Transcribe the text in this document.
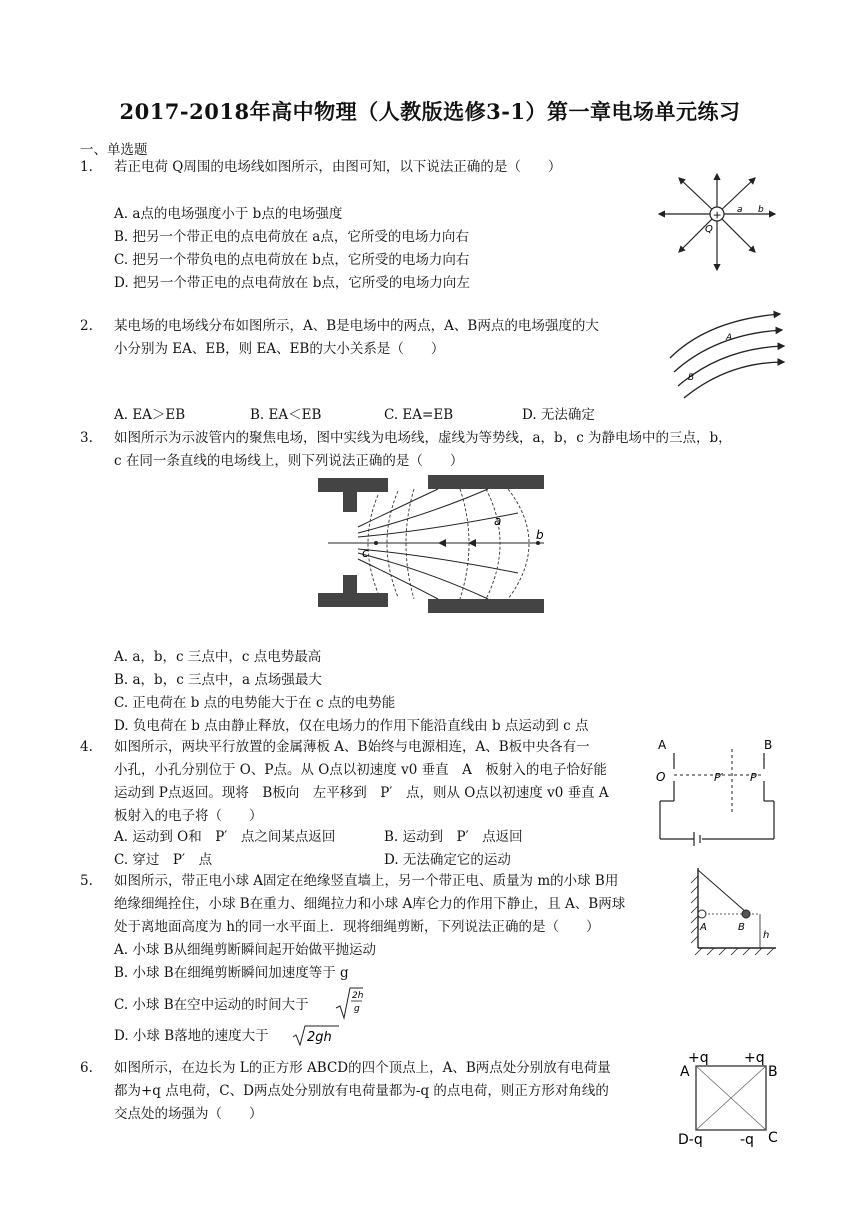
2017-2018年高中物理（人教版选修3-1）第一章电场单元练习
一、单选题
1. 若正电荷 Q周围的电场线如图所示，由图可知，以下说法正确的是（　　）
A. a点的电场强度小于 b点的电场强度
B. 把另一个带正电的点电荷放在 a点，它所受的电场力向右
C. 把另一个带负电的点电荷放在 b点，它所受的电场力向右
D. 把另一个带正电的点电荷放在 b点，它所受的电场力向左
+
Q
a b
2. 某电场的电场线分布如图所示，A、B是电场中的两点，A、B两点的电场强度的大
小分别为 EA、EB，则 EA、EB的大小关系是（　　）
A. EA＞EB	B. EA＜EB	C. EA=EB	D. 无法确定
A
B
3. 如图所示为示波管内的聚焦电场，图中实线为电场线，虚线为等势线，a，b，c 为静电场中的三点，b，
c 在同一条直线的电场线上，则下列说法正确的是（　　）
a
b
c
A. a，b，c 三点中，c 点电势最高
B. a，b，c 三点中，a 点场强最大
C. 正电荷在 b 点的电势能大于在 c 点的电势能
D. 负电荷在 b 点由静止释放，仅在电场力的作用下能沿直线由 b 点运动到 c 点
4. 如图所示，两块平行放置的金属薄板 A、B始终与电源相连，A、B板中央各有一
小孔，小孔分别位于 O、P点。从 O点以初速度 v0 垂直　A　板射入的电子恰好能
运动到 P点返回。现将　B板向　左平移到　P′　点，则从 O点以初速度 v0 垂直 A
板射入的电子将（　　）
A. 运动到 O和　P′　点之间某点返回	B. 运动到　P′　点返回
C. 穿过　P′　点	D. 无法确定它的运动
A	B
O	P′ P
5. 如图所示，带正电小球 A固定在绝缘竖直墙上，另一个带正电、质量为 m的小球 B用
绝缘细绳拴住，小球 B在重力、细绳拉力和小球 A库仑力的作用下静止，且 A、B两球
处于离地面高度为 h的同一水平面上．现将细绳剪断，下列说法正确的是（　　）
A. 小球 B从细绳剪断瞬间起开始做平抛运动
B. 小球 B在细绳剪断瞬间加速度等于 g
C. 小球 B在空中运动的时间大于
2h
g
D. 小球 B落地的速度大于	2gh
A	B
h
6. 如图所示，在边长为 L的正方形 ABCD的四个顶点上，A、B两点处分别放有电荷量
都为+q 点电荷，C、D两点处分别放有电荷量都为-q 的点电荷，则正方形对角线的
交点处的场强为（　　）
+q	+q
A	B
D-q	-q C
